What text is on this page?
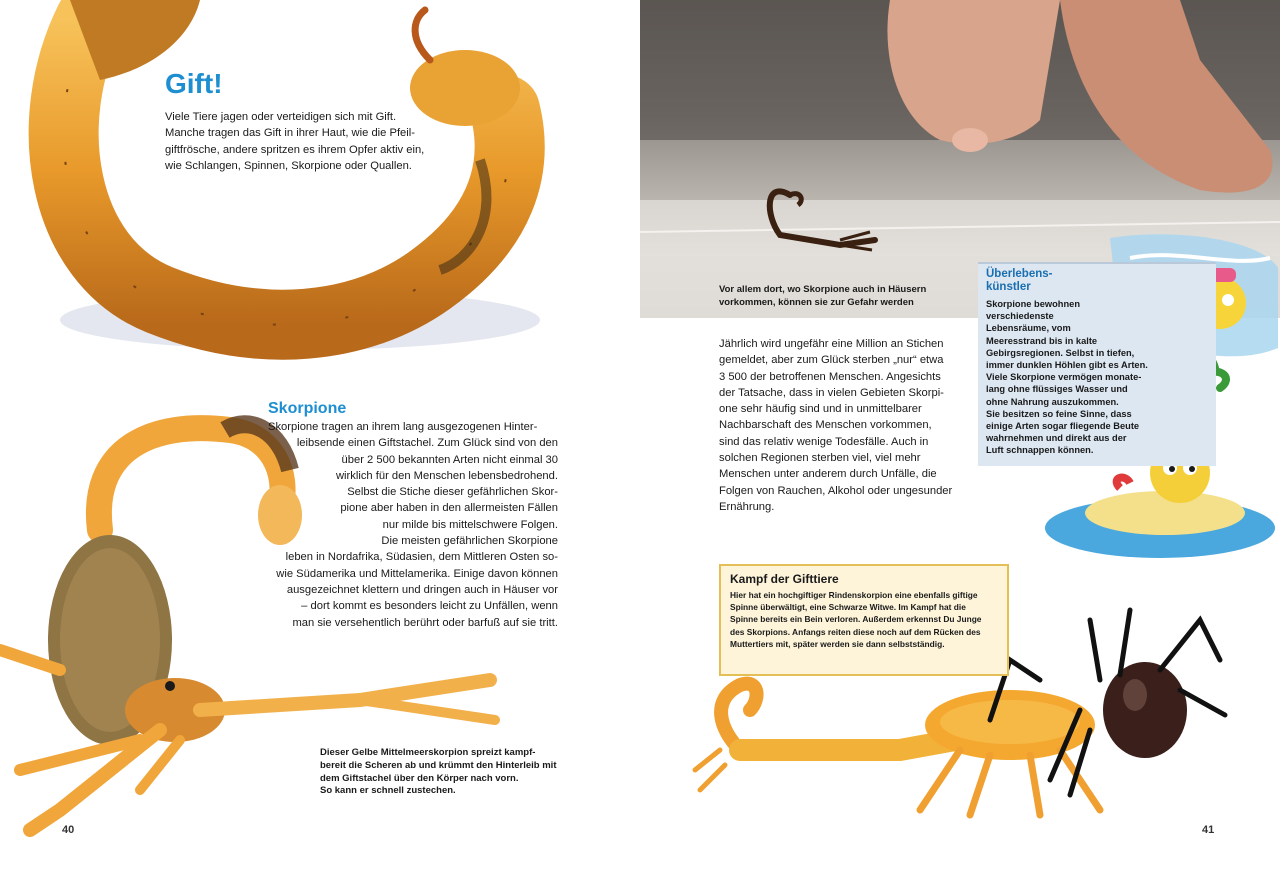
Gift!
Viele Tiere jagen oder verteidigen sich mit Gift.
Manche tragen das Gift in ihrer Haut, wie die Pfeil-
giftfrösche, andere spritzen es ihrem Opfer aktiv ein,
wie Schlangen, Spinnen, Skorpione oder Quallen.
Skorpione
Skorpione tragen an ihrem lang ausgezogenen Hinter-
leibsende einen Giftstachel. Zum Glück sind von den
über 2 500 bekannten Arten nicht einmal 30
wirklich für den Menschen lebensbedrohend.
Selbst die Stiche dieser gefährlichen Skor-
pione aber haben in den allermeisten Fällen
nur milde bis mittelschwere Folgen.
Die meisten gefährlichen Skorpione
leben in Nordafrika, Südasien, dem Mittleren Osten so-
wie Südamerika und Mittelamerika. Einige davon können
ausgezeichnet klettern und dringen auch in Häuser vor
– dort kommt es besonders leicht zu Unfällen, wenn
man sie versehentlich berührt oder barfuß auf sie tritt.
Dieser Gelbe Mittelmeerskorpion spreizt kampf-
bereit die Scheren ab und krümmt den Hinterleib mit
dem Giftstachel über den Körper nach vorn.
So kann er schnell zustechen.
40
Vor allem dort, wo Skorpione auch in Häusern
vorkommen, können sie zur Gefahr werden
Jährlich wird ungefähr eine Million an Stichen
gemeldet, aber zum Glück sterben „nur“ etwa
3 500 der betroffenen Menschen. Angesichts
der Tatsache, dass in vielen Gebieten Skorpi-
one sehr häufig sind und in unmittelbarer
Nachbarschaft des Menschen vorkommen,
sind das relativ wenige Todesfälle. Auch in
solchen Regionen sterben viel, viel mehr
Menschen unter anderem durch Unfälle, die
Folgen von Rauchen, Alkohol oder ungesunder
Ernährung.
Überlebens-
künstler
Skorpione bewohnen
verschiedenste
Lebensräume, vom
Meeresstrand bis in kalte
Gebirgsregionen. Selbst in tiefen,
immer dunklen Höhlen gibt es Arten.
Viele Skorpione vermögen monate-
lang ohne flüssiges Wasser und
ohne Nahrung auszukommen.
Sie besitzen so feine Sinne, dass
einige Arten sogar fliegende Beute
wahrnehmen und direkt aus der
Luft schnappen können.
Kampf der Gifttiere
Hier hat ein hochgiftiger Rindenskorpion eine ebenfalls giftige
Spinne überwältigt, eine Schwarze Witwe. Im Kampf hat die
Spinne bereits ein Bein verloren. Außerdem erkennst Du Junge
des Skorpions. Anfangs reiten diese noch auf dem Rücken des
Muttertiers mit, später werden sie dann selbstständig.
41
